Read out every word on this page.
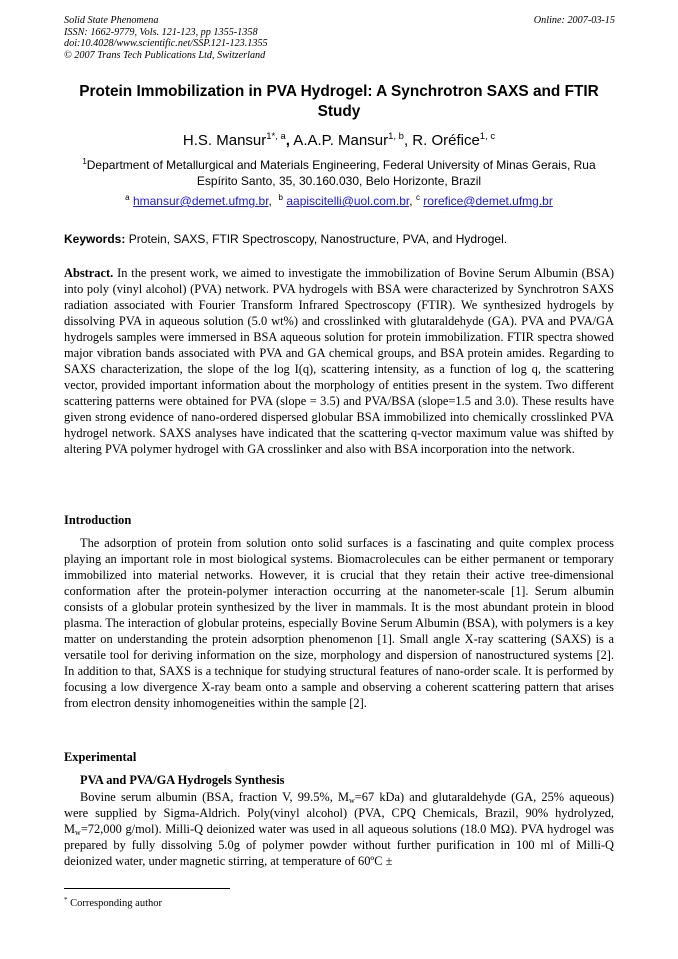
Solid State Phenomena
ISSN: 1662-9779, Vols. 121-123, pp 1355-1358
doi:10.4028/www.scientific.net/SSP.121-123.1355
© 2007 Trans Tech Publications Ltd, Switzerland
Online: 2007-03-15
Protein Immobilization in PVA Hydrogel: A Synchrotron SAXS and FTIR Study
H.S. Mansur$^{1*, a}$, A.A.P. Mansur$^{1, b}$, R. Oréfice$^{1, c}$
$^1$Department of Metallurgical and Materials Engineering, Federal University of Minas Gerais, Rua Espírito Santo, 35, 30.160.030, Belo Horizonte, Brazil
$^a$ hmansur@demet.ufmg.br, $^b$ aapiscitelli@uol.com.br, $^c$ rorefice@demet.ufmg.br
Keywords: Protein, SAXS, FTIR Spectroscopy, Nanostructure, PVA, and Hydrogel.
Abstract. In the present work, we aimed to investigate the immobilization of Bovine Serum Albumin (BSA) into poly (vinyl alcohol) (PVA) network. PVA hydrogels with BSA were characterized by Synchrotron SAXS radiation associated with Fourier Transform Infrared Spectroscopy (FTIR). We synthesized hydrogels by dissolving PVA in aqueous solution (5.0 wt%) and crosslinked with glutaraldehyde (GA). PVA and PVA/GA hydrogels samples were immersed in BSA aqueous solution for protein immobilization. FTIR spectra showed major vibration bands associated with PVA and GA chemical groups, and BSA protein amides. Regarding to SAXS characterization, the slope of the log I(q), scattering intensity, as a function of log q, the scattering vector, provided important information about the morphology of entities present in the system. Two different scattering patterns were obtained for PVA (slope = 3.5) and PVA/BSA (slope=1.5 and 3.0). These results have given strong evidence of nano-ordered dispersed globular BSA immobilized into chemically crosslinked PVA hydrogel network. SAXS analyses have indicated that the scattering q-vector maximum value was shifted by altering PVA polymer hydrogel with GA crosslinker and also with BSA incorporation into the network.
Introduction
The adsorption of protein from solution onto solid surfaces is a fascinating and quite complex process playing an important role in most biological systems. Biomacrolecules can be either permanent or temporary immobilized into material networks. However, it is crucial that they retain their active tree-dimensional conformation after the protein-polymer interaction occurring at the nanometer-scale [1]. Serum albumin consists of a globular protein synthesized by the liver in mammals. It is the most abundant protein in blood plasma. The interaction of globular proteins, especially Bovine Serum Albumin (BSA), with polymers is a key matter on understanding the protein adsorption phenomenon [1]. Small angle X-ray scattering (SAXS) is a versatile tool for deriving information on the size, morphology and dispersion of nanostructured systems [2]. In addition to that, SAXS is a technique for studying structural features of nano-order scale. It is performed by focusing a low divergence X-ray beam onto a sample and observing a coherent scattering pattern that arises from electron density inhomogeneities within the sample [2].
Experimental
PVA and PVA/GA Hydrogels Synthesis
Bovine serum albumin (BSA, fraction V, 99.5%, $M_w=67$ kDa) and glutaraldehyde (GA, 25% aqueous) were supplied by Sigma-Aldrich. Poly(vinyl alcohol) (PVA, CPQ Chemicals, Brazil, 90% hydrolyzed, $M_w=72,000$ g/mol). Milli-Q deionized water was used in all aqueous solutions (18.0 MΩ). PVA hydrogel was prepared by fully dissolving 5.0g of polymer powder without further purification in 100 ml of Milli-Q deionized water, under magnetic stirring, at temperature of 60ºC ±
* Corresponding author
